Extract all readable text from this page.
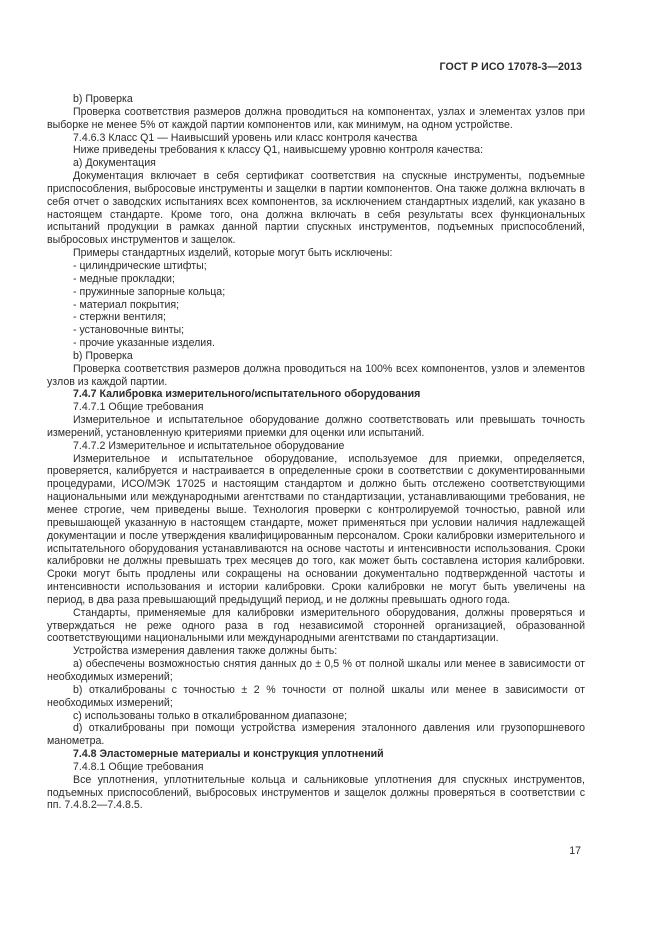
ГОСТ Р ИСО 17078-3—2013

b) Проверка

Проверка соответствия размеров должна проводиться на компонентах, узлах и элементах узлов при выборке не менее 5% от каждой партии компонентов или, как минимум, на одном устройстве.

7.4.6.3 Класс Q1 — Наивысший уровень или класс контроля качества

Ниже приведены требования к классу Q1, наивысшему уровню контроля качества:

a) Документация

Документация включает в себя сертификат соответствия на спускные инструменты, подъемные приспособления, выбросовые инструменты и защелки в партии компонентов. Она также должна включать в себя отчет о заводских испытаниях всех компонентов, за исключением стандартных изделий, как указано в настоящем стандарте. Кроме того, она должна включать в себя результаты всех функциональных испытаний продукции в рамках данной партии спускных инструментов, подъемных приспособлений, выбросовых инструментов и защелок.

Примеры стандартных изделий, которые могут быть исключены:

- цилиндрические штифты;

- медные прокладки;

- пружинные запорные кольца;

- материал покрытия;

- стержни вентиля;

- установочные винты;

- прочие указанные изделия.

b) Проверка

Проверка соответствия размеров должна проводиться на 100% всех компонентов, узлов и элементов узлов из каждой партии.

7.4.7 Калибровка измерительного/испытательного оборудования

7.4.7.1 Общие требования

Измерительное и испытательное оборудование должно соответствовать или превышать точность измерений, установленную критериями приемки для оценки или испытаний.

7.4.7.2 Измерительное и испытательное оборудование

Измерительное и испытательное оборудование, используемое для приемки, определяется, проверяется, калибруется и настраивается в определенные сроки в соответствии с документированными процедурами, ИСО/МЭК 17025 и настоящим стандартом и должно быть отслежено соответствующими национальными или международными агентствами по стандартизации, устанавливающими требования, не менее строгие, чем приведены выше. Технология проверки с контролируемой точностью, равной или превышающей указанную в настоящем стандарте, может применяться при условии наличия надлежащей документации и после утверждения квалифицированным персоналом. Сроки калибровки измерительного и испытательного оборудования устанавливаются на основе частоты и интенсивности использования. Сроки калибровки не должны превышать трех месяцев до того, как может быть составлена история калибровки. Сроки могут быть продлены или сокращены на основании документально подтвержденной частоты и интенсивности использования и истории калибровки. Сроки калибровки не могут быть увеличены на период, в два раза превышающий предыдущий период, и не должны превышать одного года.

Стандарты, применяемые для калибровки измерительного оборудования, должны проверяться и утверждаться не реже одного раза в год независимой сторонней организацией, образованной соответствующими национальными или международными агентствами по стандартизации.

Устройства измерения давления также должны быть:

a) обеспечены возможностью снятия данных до ± 0,5 % от полной шкалы или менее в зависимости от необходимых измерений;

b) откалиброваны с точностью ± 2 % точности от полной шкалы или менее в зависимости от необходимых измерений;

c) использованы только в откалиброванном диапазоне;

d) откалиброваны при помощи устройства измерения эталонного давления или грузопоршневого манометра.

7.4.8 Эластомерные материалы и конструкция уплотнений

7.4.8.1 Общие требования

Все уплотнения, уплотнительные кольца и сальниковые уплотнения для спускных инструментов, подъемных приспособлений, выбросовых инструментов и защелок должны проверяться в соответствии с пп. 7.4.8.2—7.4.8.5.

17
